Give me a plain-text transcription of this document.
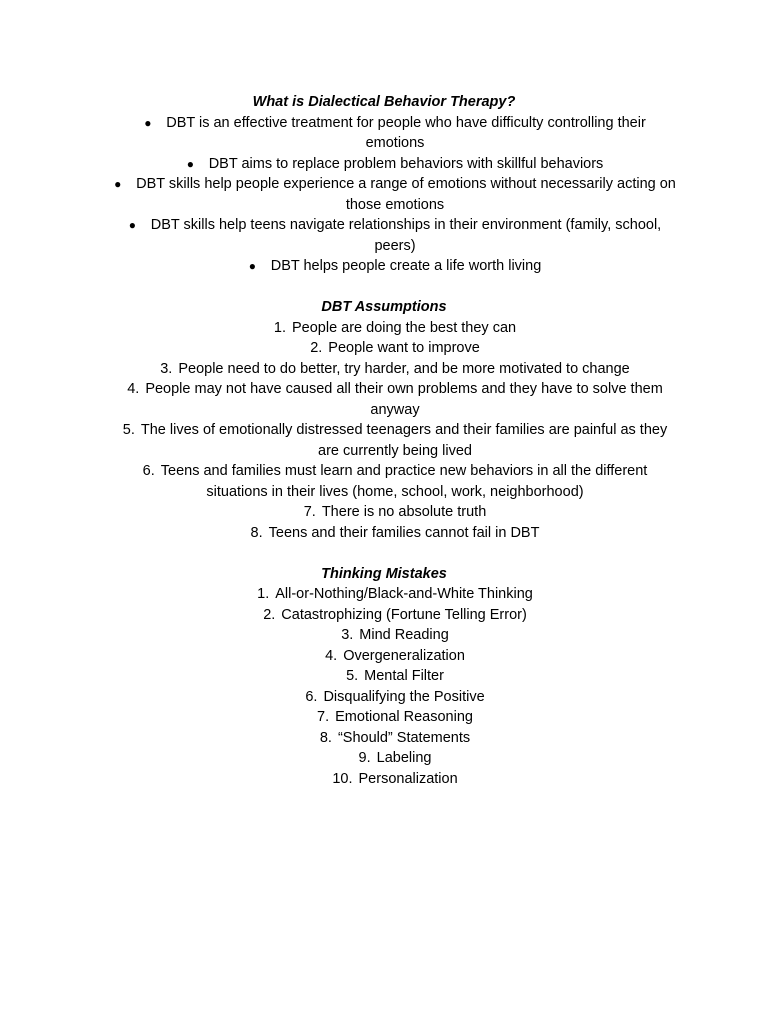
What is Dialectical Behavior Therapy?
● DBT is an effective treatment for people who have difficulty controlling their emotions
● DBT aims to replace problem behaviors with skillful behaviors
● DBT skills help people experience a range of emotions without necessarily acting on those emotions
● DBT skills help teens navigate relationships in their environment (family, school, peers)
● DBT helps people create a life worth living
DBT Assumptions
1. People are doing the best they can
2. People want to improve
3. People need to do better, try harder, and be more motivated to change
4. People may not have caused all their own problems and they have to solve them anyway
5. The lives of emotionally distressed teenagers and their families are painful as they are currently being lived
6. Teens and families must learn and practice new behaviors in all the different situations in their lives (home, school, work, neighborhood)
7. There is no absolute truth
8. Teens and their families cannot fail in DBT
Thinking Mistakes
1. All-or-Nothing/Black-and-White Thinking
2. Catastrophizing (Fortune Telling Error)
3. Mind Reading
4. Overgeneralization
5. Mental Filter
6. Disqualifying the Positive
7. Emotional Reasoning
8. “Should” Statements
9. Labeling
10. Personalization
